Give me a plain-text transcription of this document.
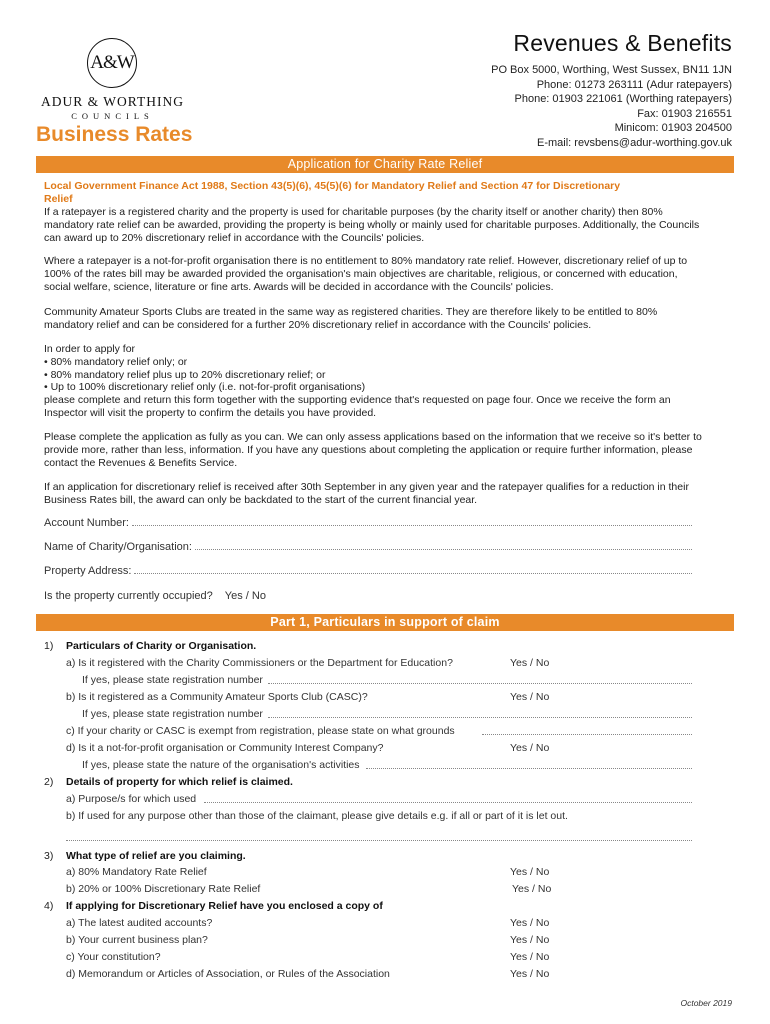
A&W
ADUR & WORTHING
COUNCILS
Business Rates
Revenues & Benefits
PO Box 5000, Worthing, West Sussex, BN11 1JN
Phone: 01273 263111 (Adur ratepayers)
Phone: 01903 221061 (Worthing ratepayers)
Fax: 01903 216551
Minicom: 01903 204500
E-mail: revsbens@adur-worthing.gov.uk
Application for Charity Rate Relief
Local Government Finance Act 1988, Section 43(5)(6), 45(5)(6) for Mandatory Relief and Section 47 for Discretionary Relief
If a ratepayer is a registered charity and the property is used for charitable purposes (by the charity itself or another charity) then 80% mandatory rate relief can be awarded, providing the property is being wholly or mainly used for charitable purposes. Additionally, the Councils can award up to 20% discretionary relief in accordance with the Councils' policies.
Where a ratepayer is a not-for-profit organisation there is no entitlement to 80% mandatory rate relief. However, discretionary relief of up to 100% of the rates bill may be awarded provided the organisation's main objectives are charitable, religious, or concerned with education, social welfare, science, literature or fine arts. Awards will be decided in accordance with the Councils' policies.
Community Amateur Sports Clubs are treated in the same way as registered charities. They are therefore likely to be entitled to 80% mandatory relief and can be considered for a further 20% discretionary relief in accordance with the Councils' policies.
In order to apply for
• 80% mandatory relief only; or
• 80% mandatory relief plus up to 20% discretionary relief; or
• Up to 100% discretionary relief only (i.e. not-for-profit organisations)
please complete and return this form together with the supporting evidence that's requested on page four. Once we receive the form an Inspector will visit the property to confirm the details you have provided.
Please complete the application as fully as you can. We can only assess applications based on the information that we receive so it's better to provide more, rather than less, information. If you have any questions about completing the application or require further information, please contact the Revenues & Benefits Service.
If an application for discretionary relief is received after 30th September in any given year and the ratepayer qualifies for a reduction in their Business Rates bill, the award can only be backdated to the start of the current financial year.
Account Number:
Name of Charity/Organisation:
Property Address:
Is the property currently occupied? Yes / No
Part 1, Particulars in support of claim
1) Particulars of Charity or Organisation.
a) Is it registered with the Charity Commissioners or the Department for Education?	Yes / No
If yes, please state registration number
b) Is it registered as a Community Amateur Sports Club (CASC)?	Yes / No
If yes, please state registration number
c) If your charity or CASC is exempt from registration, please state on what grounds
d) Is it a not-for-profit organisation or Community Interest Company?	Yes / No
If yes, please state the nature of the organisation's activities
2) Details of property for which relief is claimed.
a) Purpose/s for which used
b) If used for any purpose other than those of the claimant, please give details e.g. if all or part of it is let out.
3) What type of relief are you claiming.
a) 80% Mandatory Rate Relief	Yes / No
b) 20% or 100% Discretionary Rate Relief	Yes / No
4) If applying for Discretionary Relief have you enclosed a copy of
a) The latest audited accounts?	Yes / No
b) Your current business plan?	Yes / No
c) Your constitution?	Yes / No
d) Memorandum or Articles of Association, or Rules of the Association	Yes / No
October 2019
